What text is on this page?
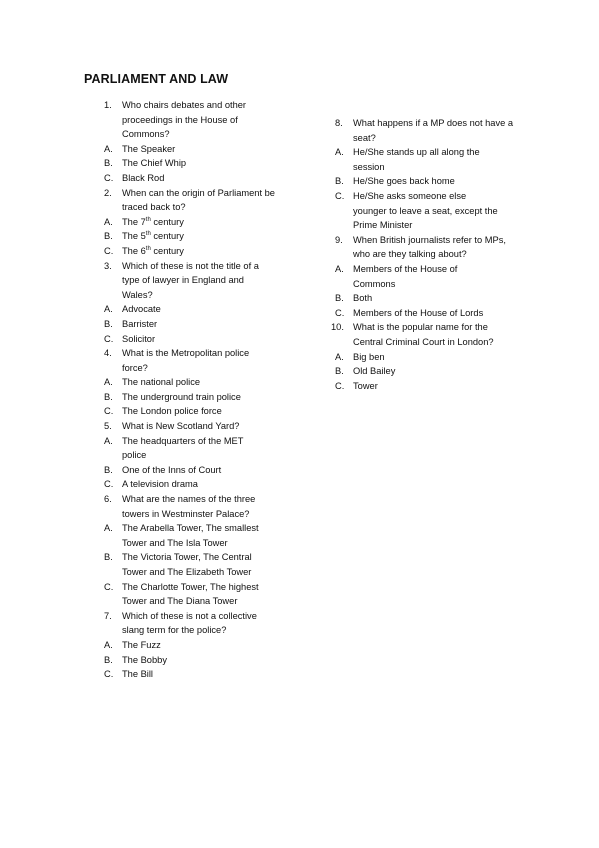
PARLIAMENT AND LAW
1. Who chairs debates and other proceedings in the House of Commons?
A. The Speaker
B. The Chief Whip
C. Black Rod
2. When can the origin of Parliament be traced back to?
A. The 7th century
B. The 5th century
C. The 6th century
3. Which of these is not the title of a type of lawyer in England and Wales?
A. Advocate
B. Barrister
C. Solicitor
4. What is the Metropolitan police force?
A. The national police
B. The underground train police
C. The London police force
5. What is New Scotland Yard?
A. The headquarters of the MET police
B. One of the Inns of Court
C. A television drama
6. What are the names of the three towers in Westminster Palace?
A. The Arabella Tower, The smallest Tower and The Isla Tower
B. The Victoria Tower, The Central Tower and The Elizabeth Tower
C. The Charlotte Tower, The highest Tower and The Diana Tower
7. Which of these is not a collective slang term for the police?
A. The Fuzz
B. The Bobby
C. The Bill
8. What happens if a MP does not have a seat?
A. He/She stands up all along the session
B. He/She goes back home
C. He/She asks someone else younger to leave a seat, except the Prime Minister
9. When British journalists refer to MPs, who are they talking about?
A. Members of the House of Commons
B. Both
C. Members of the House of Lords
10. What is the popular name for the Central Criminal Court in London?
A. Big ben
B. Old Bailey
C. Tower
